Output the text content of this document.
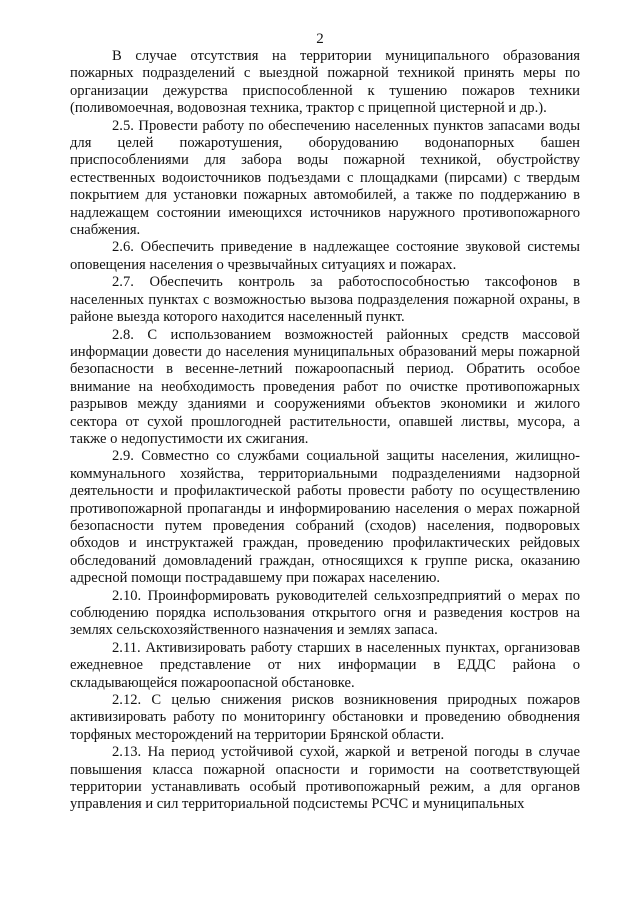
2

В случае отсутствия на территории муниципального образования пожарных подразделений с выездной пожарной техникой принять меры по организации дежурства приспособленной к тушению пожаров техники (поливомоечная, водовозная техника, трактор с прицепной цистерной и др.).

2.5. Провести работу по обеспечению населенных пунктов запасами воды для целей пожаротушения, оборудованию водонапорных башен приспособлениями для забора воды пожарной техникой, обустройству естественных водоисточников подъездами с площадками (пирсами) с твердым покрытием для установки пожарных автомобилей, а также по поддержанию в надлежащем состоянии имеющихся источников наружного противопожарного снабжения.

2.6. Обеспечить приведение в надлежащее состояние звуковой системы оповещения населения о чрезвычайных ситуациях и пожарах.

2.7. Обеспечить контроль за работоспособностью таксофонов в населенных пунктах с возможностью вызова подразделения пожарной охраны, в районе выезда которого находится населенный пункт.

2.8. С использованием возможностей районных средств массовой информации довести до населения муниципальных образований меры пожарной безопасности в весенне-летний пожароопасный период. Обратить особое внимание на необходимость проведения работ по очистке противопожарных разрывов между зданиями и сооружениями объектов экономики и жилого сектора от сухой прошлогодней растительности, опавшей листвы, мусора, а также о недопустимости их сжигания.

2.9. Совместно со службами социальной защиты населения, жилищно-коммунального хозяйства, территориальными подразделениями надзорной деятельности и профилактической работы провести работу по осуществлению противопожарной пропаганды и информированию населения о мерах пожарной безопасности путем проведения собраний (сходов) населения, подворовых обходов и инструктажей граждан, проведению профилактических рейдовых обследований домовладений граждан, относящихся к группе риска, оказанию адресной помощи пострадавшему при пожарах населению.

2.10. Проинформировать руководителей сельхозпредприятий о мерах по соблюдению порядка использования открытого огня и разведения костров на землях сельскохозяйственного назначения и землях запаса.

2.11. Активизировать работу старших в населенных пунктах, организовав ежедневное представление от них информации в ЕДДС района о складывающейся пожароопасной обстановке.

2.12. С целью снижения рисков возникновения природных пожаров активизировать работу по мониторингу обстановки и проведению обводнения торфяных месторождений на территории Брянской области.

2.13. На период устойчивой сухой, жаркой и ветреной погоды в случае повышения класса пожарной опасности и горимости на соответствующей территории устанавливать особый противопожарный режим, а для органов управления и сил территориальной подсистемы РСЧС и муниципальных
